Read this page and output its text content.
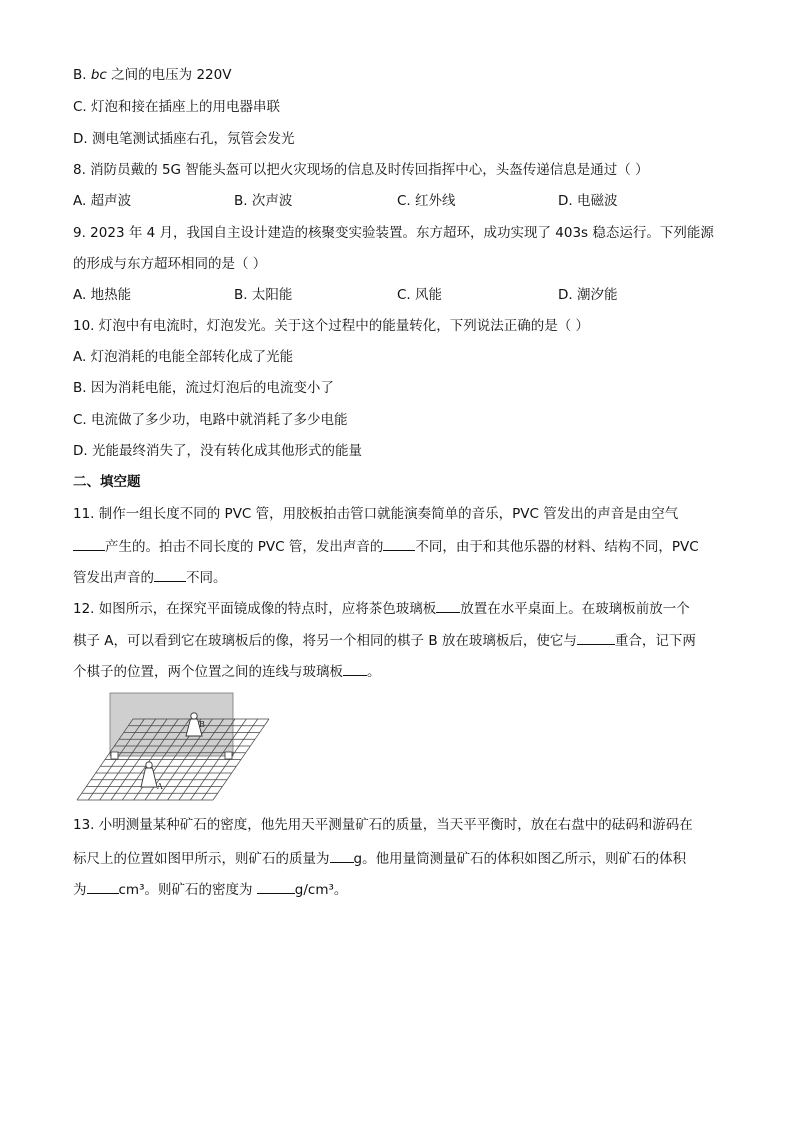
B. bc 之间的电压为 220V
C. 灯泡和接在插座上的用电器串联
D. 测电笔测试插座右孔，氖管会发光
8. 消防员戴的 5G 智能头盔可以把火灾现场的信息及时传回指挥中心，头盔传递信息是通过（ ）
A. 超声波	B. 次声波	C. 红外线	D. 电磁波
9. 2023 年 4 月，我国自主设计建造的核聚变实验装置。东方超环，成功实现了 403s 稳态运行。下列能源
的形成与东方超环相同的是（ ）
A. 地热能	B. 太阳能	C. 风能	D. 潮汐能
10. 灯泡中有电流时，灯泡发光。关于这个过程中的能量转化，下列说法正确的是（ ）
A. 灯泡消耗的电能全部转化成了光能
B. 因为消耗电能，流过灯泡后的电流变小了
C. 电流做了多少功，电路中就消耗了多少电能
D. 光能最终消失了，没有转化成其他形式的能量
二、填空题
11. 制作一组长度不同的 PVC 管，用胶板拍击管口就能演奏简单的音乐，PVC 管发出的声音是由空气
产生的。拍击不同长度的 PVC 管，发出声音的 不同，由于和其他乐器的材料、结构不同，PVC
管发出声音的 不同。
12. 如图所示，在探究平面镜成像的特点时，应将茶色玻璃板 放置在水平桌面上。在玻璃板前放一个
棋子 A，可以看到它在玻璃板后的像，将另一个相同的棋子 B 放在玻璃板后，使它与	重合，记下两
个棋子的位置，两个位置之间的连线与玻璃板 。
B
A
13. 小明测量某种矿石的密度，他先用天平测量矿石的质量，当天平平衡时，放在右盘中的砝码和游码在
标尺上的位置如图甲所示，则矿石的质量为 g。他用量筒测量矿石的体积如图乙所示，则矿石的体积
为 cm³。则矿石的密度为	g/cm³。
